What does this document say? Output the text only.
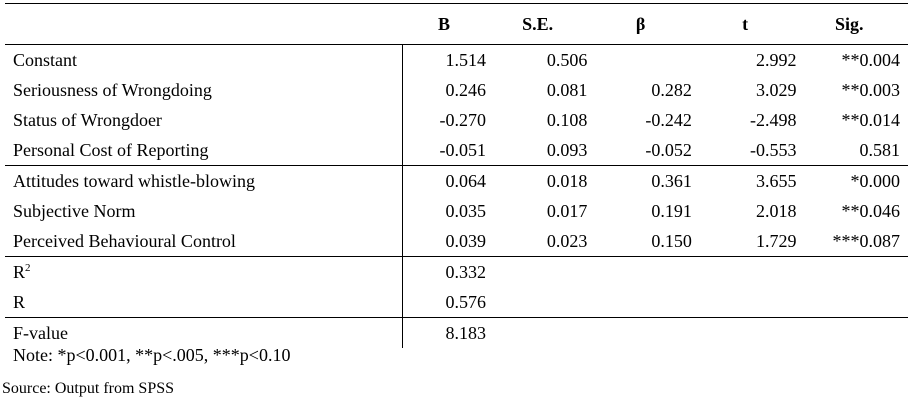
	B	S.E.	β	t	Sig.
Constant	1.514	0.506		2.992	**0.004
Seriousness of Wrongdoing	0.246	0.081	0.282	3.029	**0.003
Status of Wrongdoer	-0.270	0.108	-0.242	-2.498	**0.014
Personal Cost of Reporting	-0.051	0.093	-0.052	-0.553	0.581
Attitudes toward whistle-blowing	0.064	0.018	0.361	3.655	*0.000
Subjective Norm	0.035	0.017	0.191	2.018	**0.046
Perceived Behavioural Control	0.039	0.023	0.150	1.729	***0.087
$R^2$	0.332				
R	0.576				
F-value	8.183				
Note: *p<0.001, **p<.005, ***p<0.10
Source: Output from SPSS
